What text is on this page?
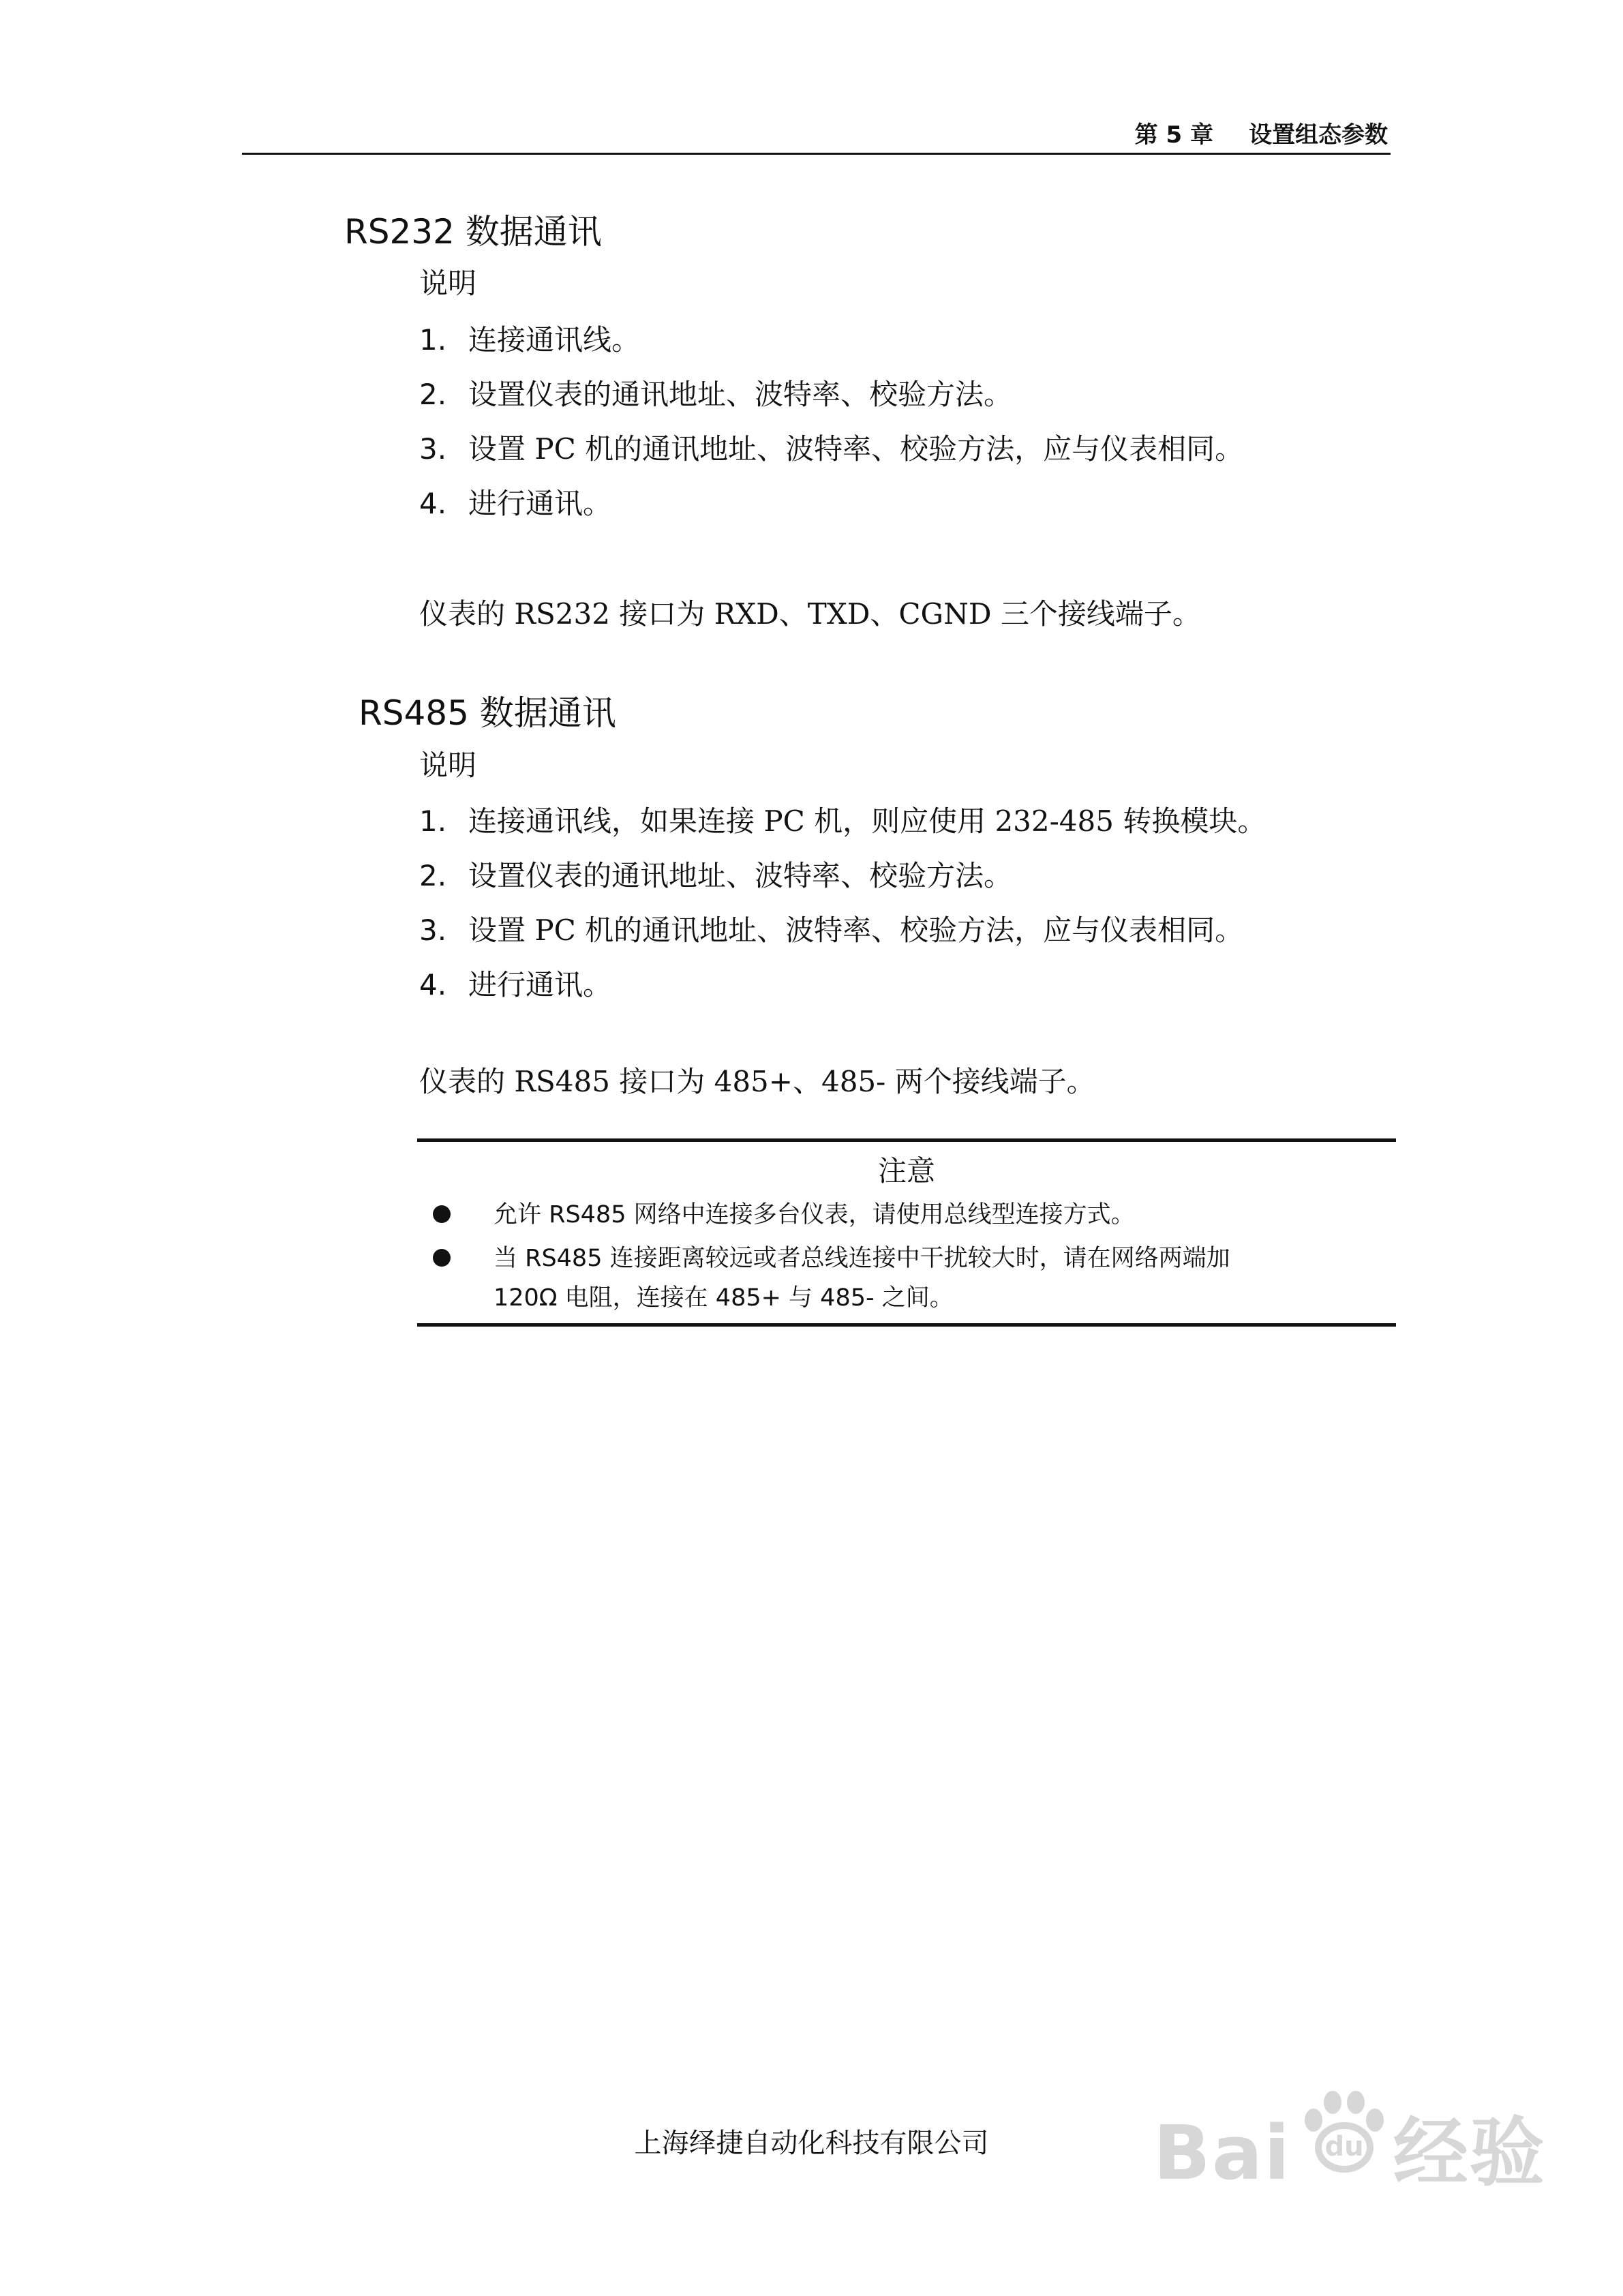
第 5 章 设置组态参数
RS232 数据通讯
说明
1. 连接通讯线。
2. 设置仪表的通讯地址、波特率、校验方法。
3. 设置 PC 机的通讯地址、波特率、校验方法，应与仪表相同。
4. 进行通讯。
仪表的 RS232 接口为 RXD、TXD、CGND 三个接线端子。
RS485 数据通讯
说明
1. 连接通讯线，如果连接 PC 机，则应使用 232-485 转换模块。
2. 设置仪表的通讯地址、波特率、校验方法。
3. 设置 PC 机的通讯地址、波特率、校验方法，应与仪表相同。
4. 进行通讯。
仪表的 RS485 接口为 485+、485- 两个接线端子。
注意
允许 RS485 网络中连接多台仪表，请使用总线型连接方式。
当 RS485 连接距离较远或者总线连接中干扰较大时，请在网络两端加
120Ω 电阻，连接在 485+ 与 485- 之间。
上海绎捷自动化科技有限公司	Bai 经验
du
